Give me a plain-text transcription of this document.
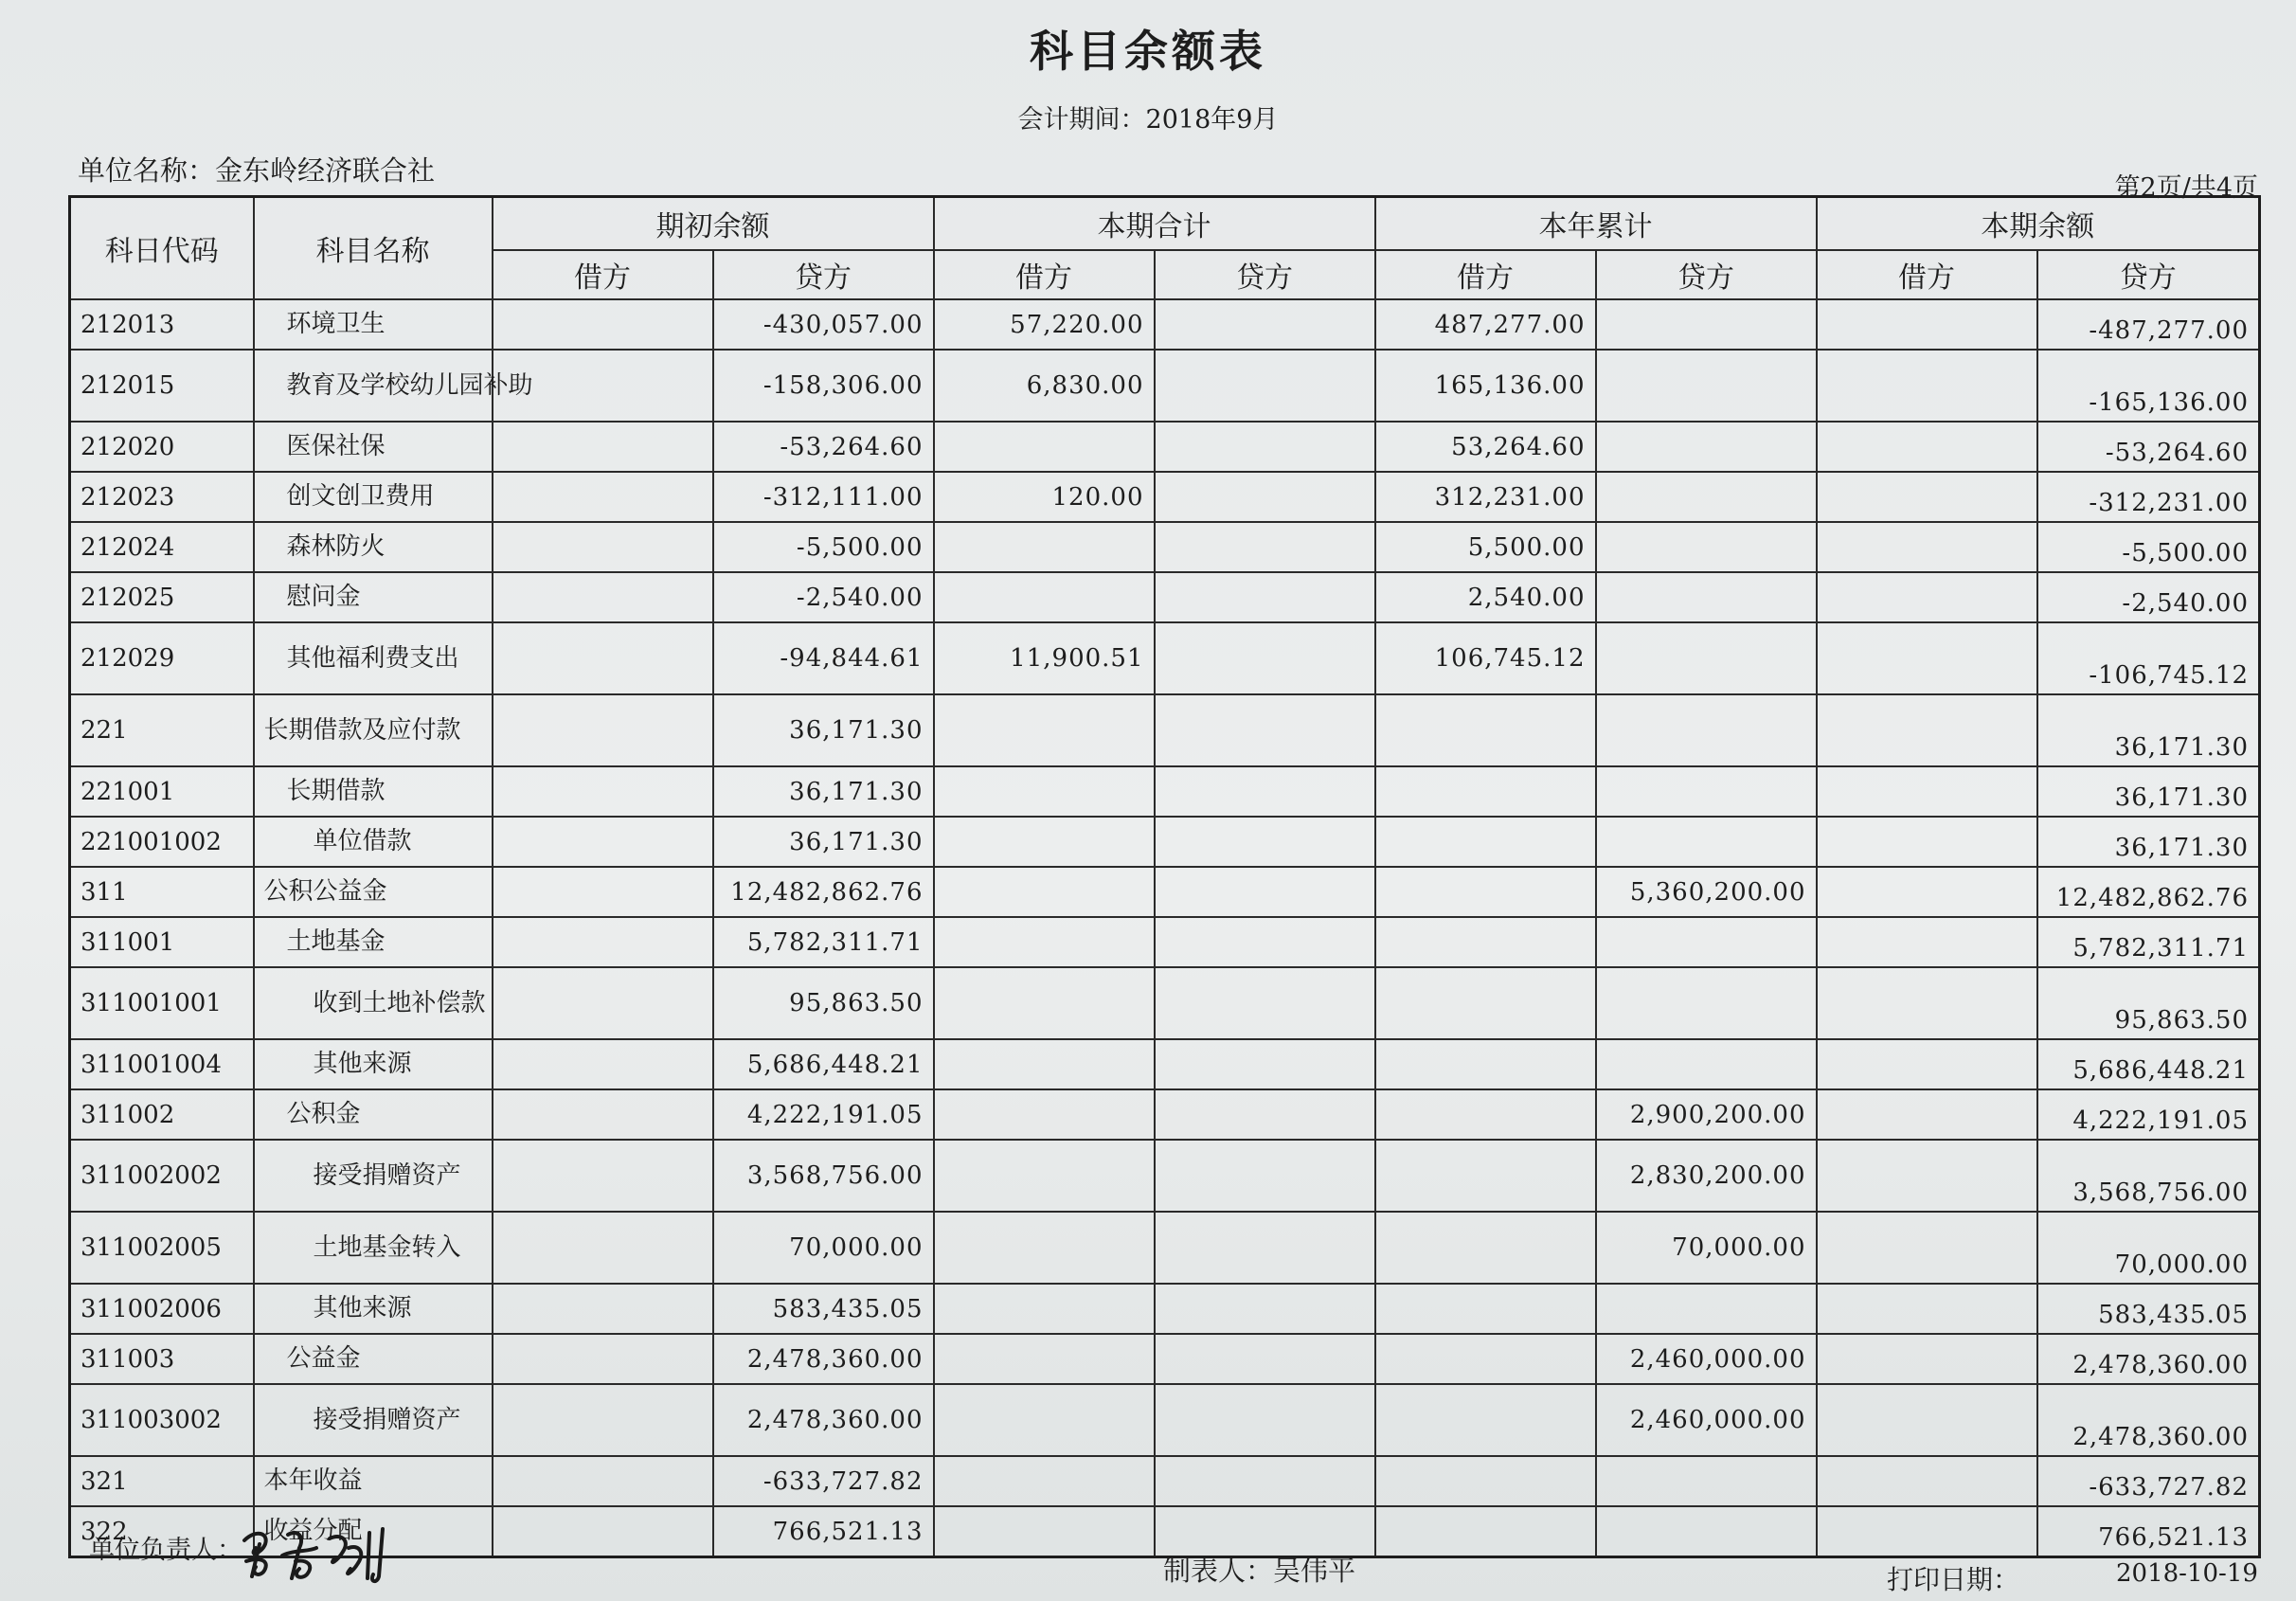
科目余额表
会计期间：2018年9月
单位名称：金东岭经济联合社
第2页/共4页
科日代码	科目名称	期初余额		本期合计		本年累计		本期余额	
		借方	贷方	借方	贷方	借方	贷方	借方	贷方
212013	环境卫生		-430,057.00	57,220.00		487,277.00			-487,277.00
212015	教育及学校幼儿园补助		-158,306.00	6,830.00		165,136.00			-165,136.00
212020	医保社保		-53,264.60			53,264.60			-53,264.60
212023	创文创卫费用		-312,111.00	120.00		312,231.00			-312,231.00
212024	森林防火		-5,500.00			5,500.00			-5,500.00
212025	慰问金		-2,540.00			2,540.00			-2,540.00
212029	其他福利费支出		-94,844.61	11,900.51		106,745.12			-106,745.12
221	长期借款及应付款		36,171.30						36,171.30
221001	长期借款		36,171.30						36,171.30
221001002	单位借款		36,171.30						36,171.30
311	公积公益金		12,482,862.76				5,360,200.00		12,482,862.76
311001	土地基金		5,782,311.71						5,782,311.71
311001001	收到土地补偿款		95,863.50						95,863.50
311001004	其他来源		5,686,448.21						5,686,448.21
311002	公积金		4,222,191.05				2,900,200.00		4,222,191.05
311002002	接受捐赠资产		3,568,756.00				2,830,200.00		3,568,756.00
311002005	土地基金转入		70,000.00				70,000.00		70,000.00
311002006	其他来源		583,435.05						583,435.05
311003	公益金		2,478,360.00				2,460,000.00		2,478,360.00
311003002	接受捐赠资产		2,478,360.00				2,460,000.00		2,478,360.00
321	本年收益		-633,727.82						-633,727.82
322	收益分配		766,521.13						766,521.13
单位负责人：
制表人：吴伟平	打印日期：	2018-10-19
